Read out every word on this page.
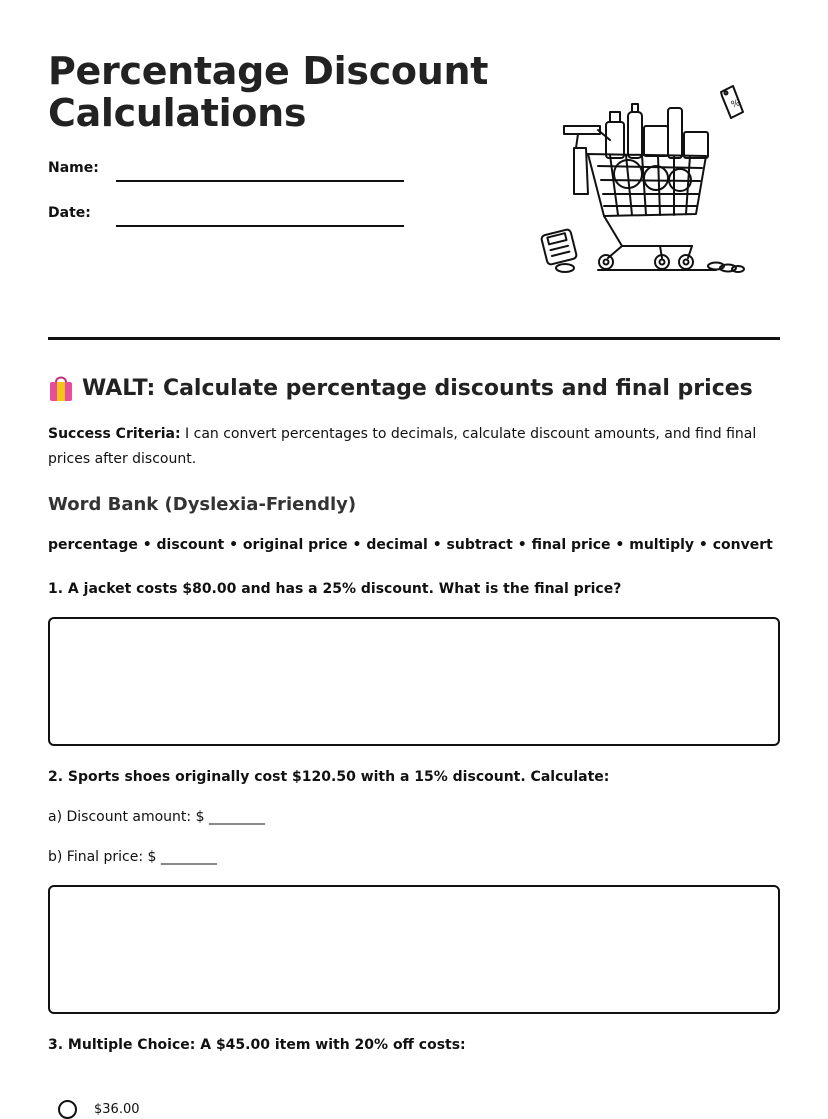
Percentage Discount
Calculations
Name:
Date:
%
WALT: Calculate percentage discounts and final prices
Success Criteria: I can convert percentages to decimals, calculate discount amounts, and find final prices after discount.
Word Bank (Dyslexia-Friendly)
percentage • discount • original price • decimal • subtract • final price • multiply • convert
1. A jacket costs $80.00 and has a 25% discount. What is the final price?
2. Sports shoes originally cost $120.50 with a 15% discount. Calculate:
a) Discount amount: $ ________
b) Final price: $ ________
3. Multiple Choice: A $45.00 item with 20% off costs:
$36.00
